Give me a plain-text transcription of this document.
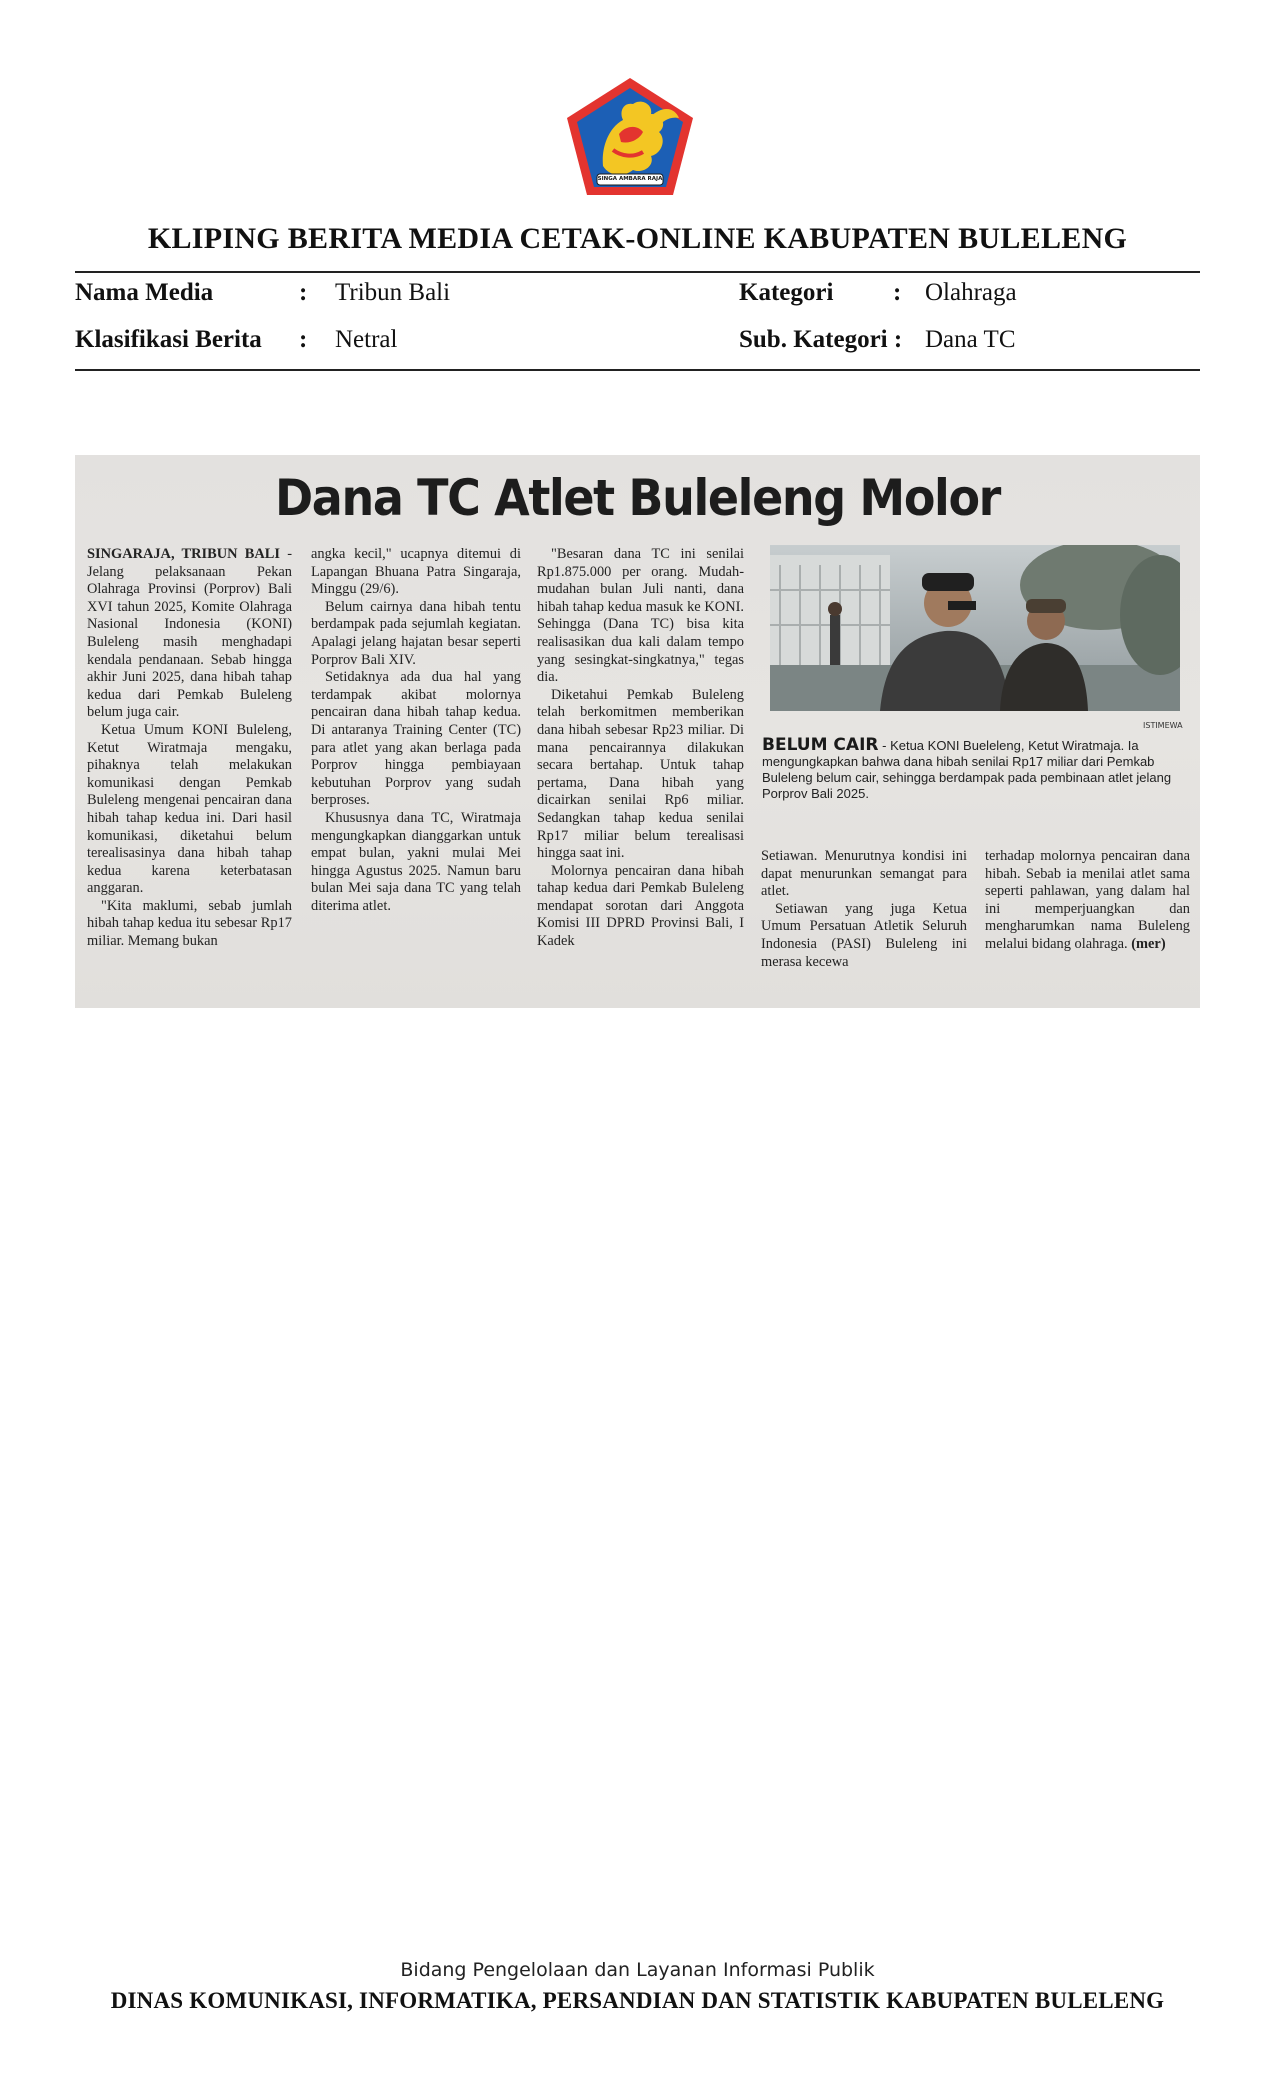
SINGA AMBARA RAJA
KLIPING BERITA MEDIA CETAK-ONLINE KABUPATEN BULELENG
Nama Media	: Tribun Bali	Kategori : Olahraga
Klasifikasi Berita : Netral	Sub. Kategori : Dana TC
Dana TC Atlet Buleleng Molor

SINGARAJA, TRIBUN BALI - Jelang pelaksanaan Pekan Olahraga Provinsi (Porprov) Bali XVI tahun 2025, Komite Olahraga Nasional Indonesia (KONI) Buleleng masih menghadapi kendala pendanaan. Sebab hingga akhir Juni 2025, dana hibah tahap kedua dari Pemkab Buleleng belum juga cair.

Ketua Umum KONI Buleleng, Ketut Wiratmaja mengaku, pihaknya telah melakukan komunikasi dengan Pemkab Buleleng mengenai pencairan dana hibah tahap kedua ini. Dari hasil komunikasi, diketahui belum terealisasinya dana hibah tahap kedua karena keterbatasan anggaran.

"Kita maklumi, sebab jumlah hibah tahap kedua itu sebesar Rp17 miliar. Memang bukan

angka kecil," ucapnya ditemui di Lapangan Bhuana Patra Singaraja, Minggu (29/6).

Belum cairnya dana hibah tentu berdampak pada sejumlah kegiatan. Apalagi jelang hajatan besar seperti Porprov Bali XIV.

Setidaknya ada dua hal yang terdampak akibat molornya pencairan dana hibah tahap kedua. Di antaranya Training Center (TC) para atlet yang akan berlaga pada Porprov hingga pembiayaan kebutuhan Porprov yang sudah berproses.

Khususnya dana TC, Wiratmaja mengungkapkan dianggarkan untuk empat bulan, yakni mulai Mei hingga Agustus 2025. Namun baru bulan Mei saja dana TC yang telah diterima atlet.

"Besaran dana TC ini senilai Rp1.875.000 per orang. Mudah-mudahan bulan Juli nanti, dana hibah tahap kedua masuk ke KONI. Sehingga (Dana TC) bisa kita realisasikan dua kali dalam tempo yang sesingkat-singkatnya," tegas dia.

Diketahui Pemkab Buleleng telah berkomitmen memberikan dana hibah sebesar Rp23 miliar. Di mana pencairannya dilakukan secara bertahap. Untuk tahap pertama, Dana hibah yang dicairkan senilai Rp6 miliar. Sedangkan tahap kedua senilai Rp17 miliar belum terealisasi hingga saat ini.

Molornya pencairan dana hibah tahap kedua dari Pemkab Buleleng mendapat sorotan dari Anggota Komisi III DPRD Provinsi Bali, I Kadek

ISTIMEWA
BELUM CAIR - Ketua KONI Bueleleng, Ketut Wiratmaja. Ia mengungkapkan bahwa dana hibah senilai Rp17 miliar dari Pemkab Buleleng belum cair, sehingga berdampak pada pembinaan atlet jelang Porprov Bali 2025.

Setiawan. Menurutnya kondisi ini dapat menurunkan semangat para atlet.

Setiawan yang juga Ketua Umum Persatuan Atletik Seluruh Indonesia (PASI) Buleleng ini merasa kecewa

terhadap molornya pencairan dana hibah. Sebab ia menilai atlet sama seperti pahlawan, yang dalam hal ini memperjuangkan dan mengharumkan nama Buleleng melalui bidang olahraga. (mer)

Bidang Pengelolaan dan Layanan Informasi Publik
DINAS KOMUNIKASI, INFORMATIKA, PERSANDIAN DAN STATISTIK KABUPATEN BULELENG
